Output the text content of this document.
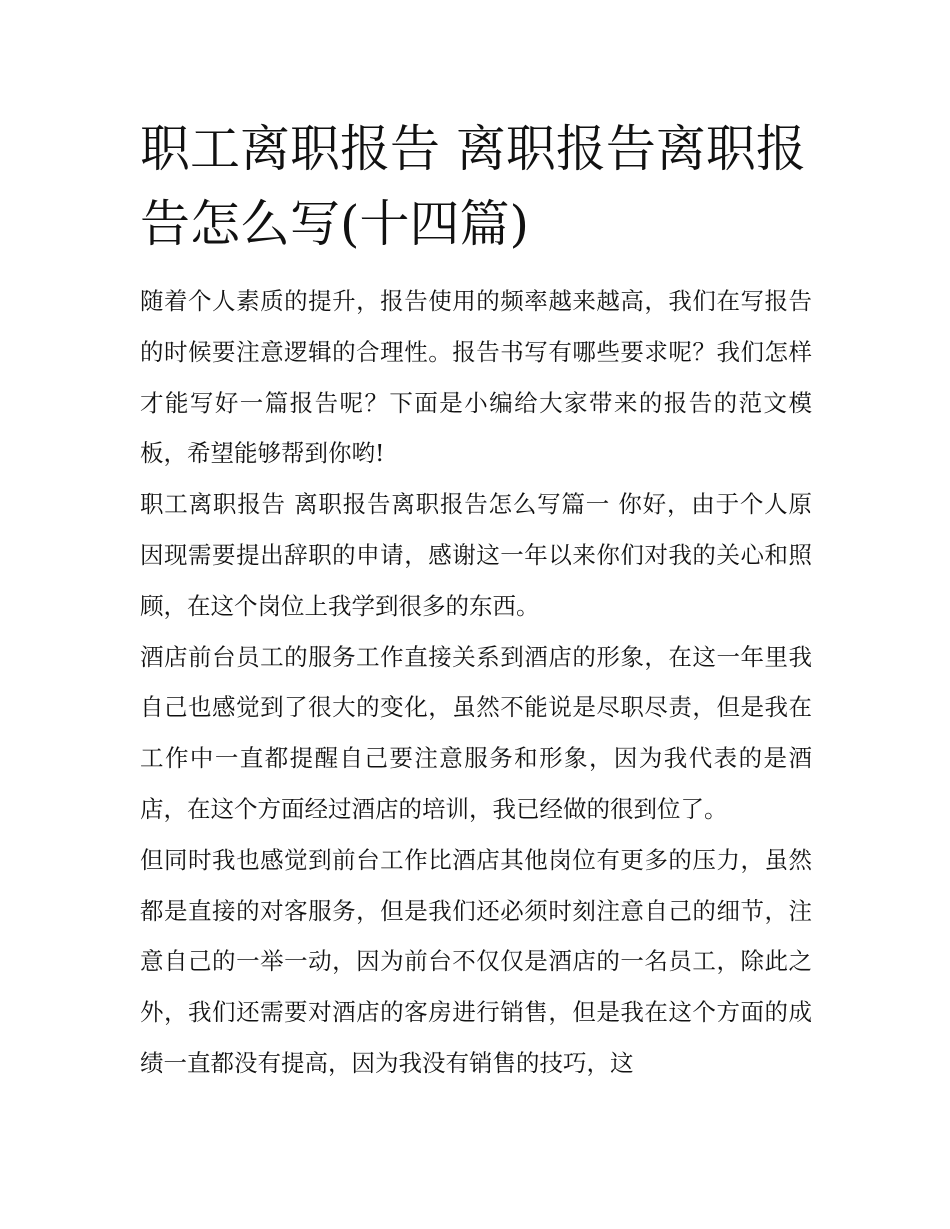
职工离职报告 离职报告离职报告怎么写(十四篇)

随着个人素质的提升，报告使用的频率越来越高，我们在写报告的时候要注意逻辑的合理性。报告书写有哪些要求呢？我们怎样才能写好一篇报告呢？下面是小编给大家带来的报告的范文模板，希望能够帮到你哟!

职工离职报告 离职报告离职报告怎么写篇一 你好，由于个人原因现需要提出辞职的申请，感谢这一年以来你们对我的关心和照顾，在这个岗位上我学到很多的东西。

酒店前台员工的服务工作直接关系到酒店的形象，在这一年里我自己也感觉到了很大的变化，虽然不能说是尽职尽责，但是我在工作中一直都提醒自己要注意服务和形象，因为我代表的是酒店，在这个方面经过酒店的培训，我已经做的很到位了。

但同时我也感觉到前台工作比酒店其他岗位有更多的压力，虽然都是直接的对客服务，但是我们还必须时刻注意自己的细节，注意自己的一举一动，因为前台不仅仅是酒店的一名员工，除此之外，我们还需要对酒店的客房进行销售，但是我在这个方面的成绩一直都没有提高，因为我没有销售的技巧，这
